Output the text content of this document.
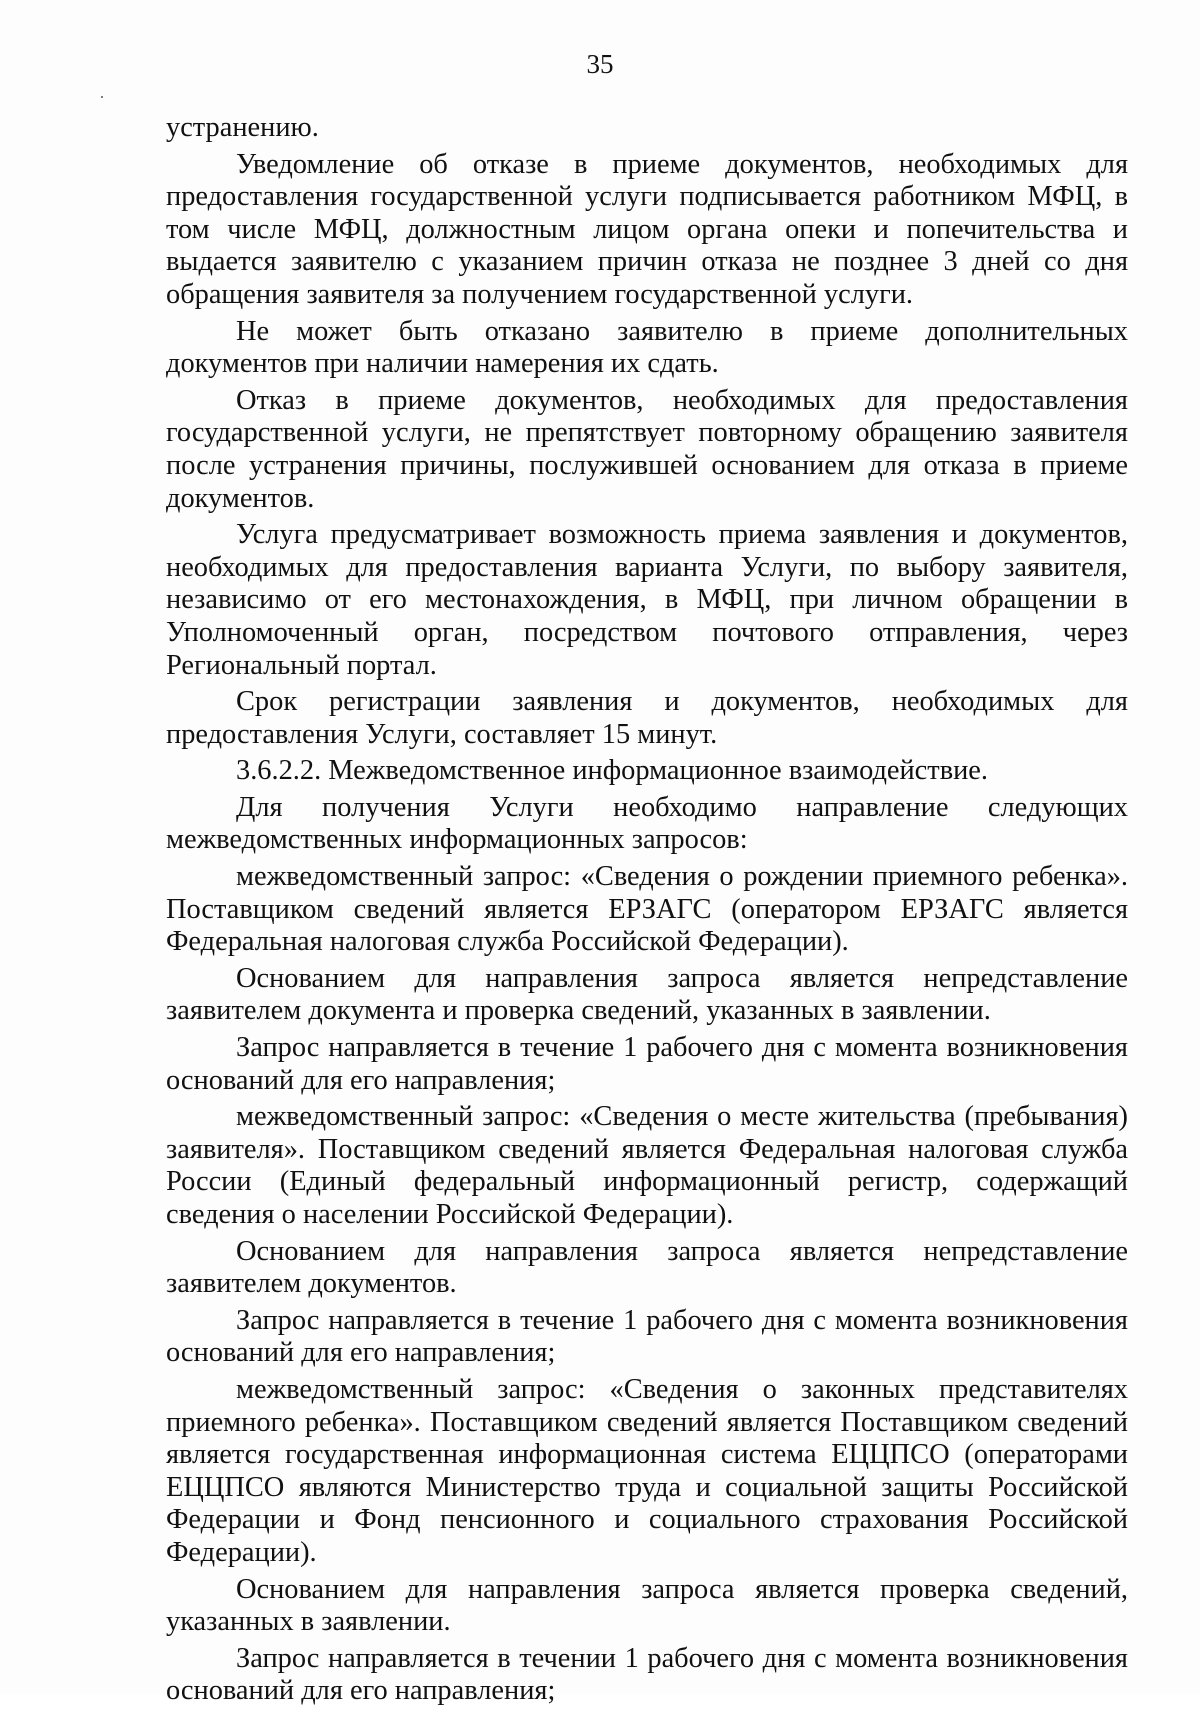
35

устранению.

Уведомление об отказе в приеме документов, необходимых для предоставления государственной услуги подписывается работником МФЦ, в том числе МФЦ, должностным лицом органа опеки и попечительства и выдается заявителю с указанием причин отказа не позднее 3 дней со дня обращения заявителя за получением государственной услуги.

Не может быть отказано заявителю в приеме дополнительных документов при наличии намерения их сдать.

Отказ в приеме документов, необходимых для предоставления государственной услуги, не препятствует повторному обращению заявителя после устранения причины, послужившей основанием для отказа в приеме документов.

Услуга предусматривает возможность приема заявления и документов, необходимых для предоставления варианта Услуги, по выбору заявителя, независимо от его местонахождения, в МФЦ, при личном обращении в Уполномоченный орган, посредством почтового отправления, через Региональный портал.

Срок регистрации заявления и документов, необходимых для предоставления Услуги, составляет 15 минут.

3.6.2.2. Межведомственное информационное взаимодействие.

Для получения Услуги необходимо направление следующих межведомственных информационных запросов:

межведомственный запрос: «Сведения о рождении приемного ребенка». Поставщиком сведений является ЕРЗАГС (оператором ЕРЗАГС является Федеральная налоговая служба Российской Федерации).

Основанием для направления запроса является непредставление заявителем документа и проверка сведений, указанных в заявлении.

Запрос направляется в течение 1 рабочего дня с момента возникновения оснований для его направления;

межведомственный запрос: «Сведения о месте жительства (пребывания) заявителя». Поставщиком сведений является Федеральная налоговая служба России (Единый федеральный информационный регистр, содержащий сведения о населении Российской Федерации).

Основанием для направления запроса является непредставление заявителем документов.

Запрос направляется в течение 1 рабочего дня с момента возникновения оснований для его направления;

межведомственный запрос: «Сведения о законных представителях приемного ребенка». Поставщиком сведений является Поставщиком сведений является государственная информационная система ЕЦЦПСО (операторами ЕЦЦПСО являются Министерство труда и социальной защиты Российской Федерации и Фонд пенсионного и социального страхования Российской Федерации).

Основанием для направления запроса является проверка сведений, указанных в заявлении.

Запрос направляется в течении 1 рабочего дня с момента возникновения оснований для его направления;
